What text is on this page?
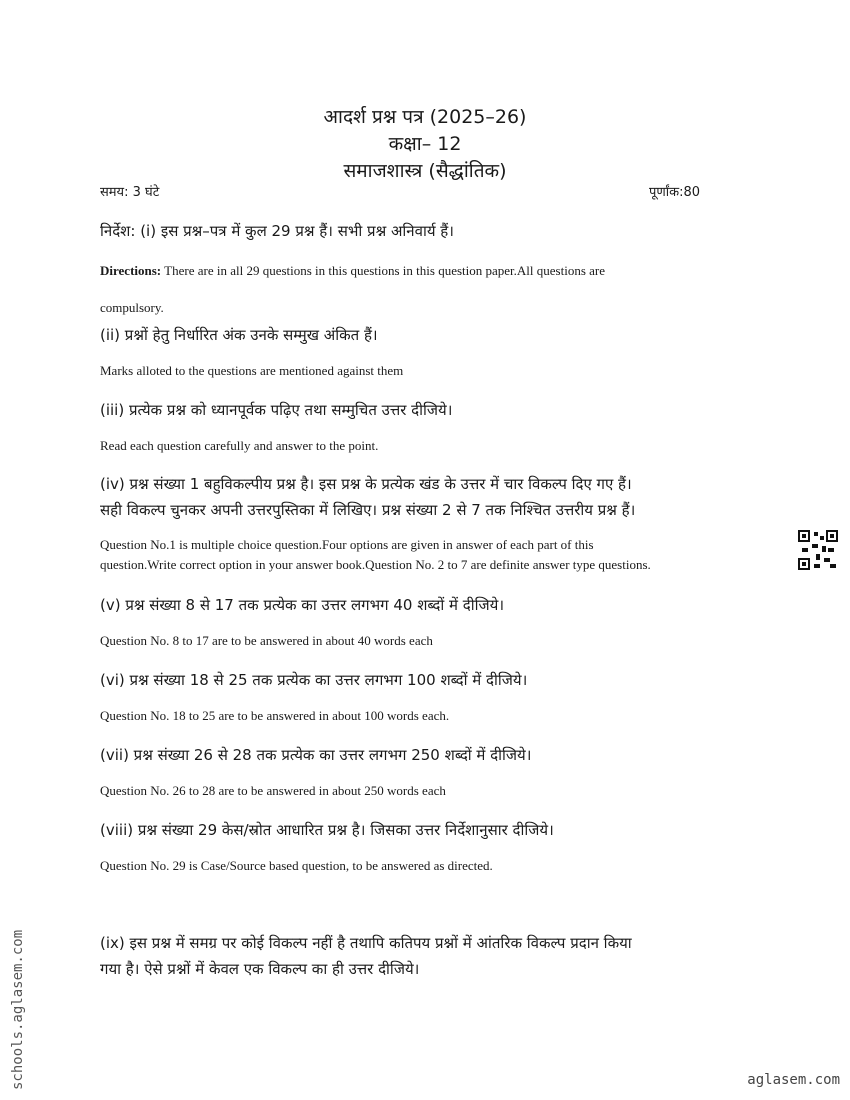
आदर्श प्रश्न पत्र (2025–26)
कक्षा– 12
समाजशास्त्र (सैद्धांतिक)
समय: 3 घंटे	पूर्णांक:80
निर्देश: (i) इस प्रश्न–पत्र में कुल 29 प्रश्न हैं। सभी प्रश्न अनिवार्य हैं।
Directions: There are in all 29 questions in this questions in this question paper.All questions are
compulsory.
(ii) प्रश्नों हेतु निर्धारित अंक उनके सम्मुख अंकित हैं।
Marks alloted to the questions are mentioned against them
(iii) प्रत्येक प्रश्न को ध्यानपूर्वक पढ़िए तथा सम्मुचित उत्तर दीजिये।
Read each question carefully and answer to the point.
(iv) प्रश्न संख्या 1 बहुविकल्पीय प्रश्न है। इस प्रश्न के प्रत्येक खंड के उत्तर में चार विकल्प दिए गए हैं।
सही विकल्प चुनकर अपनी उत्तरपुस्तिका में लिखिए। प्रश्न संख्या 2 से 7 तक निश्चित उत्तरीय प्रश्न हैं।
Question No.1 is multiple choice question.Four options are given in answer of each part of this
question.Write correct option in your answer book.Question No. 2 to 7 are definite answer type questions.
(v) प्रश्न संख्या 8 से 17 तक प्रत्येक का उत्तर लगभग 40 शब्दों में दीजिये।
Question No. 8 to 17 are to be answered in about 40 words each
(vi) प्रश्न संख्या 18 से 25 तक प्रत्येक का उत्तर लगभग 100 शब्दों में दीजिये।
Question No. 18 to 25 are to be answered in about 100 words each.
(vii) प्रश्न संख्या 26 से 28 तक प्रत्येक का उत्तर लगभग 250 शब्दों में दीजिये।
Question No. 26 to 28 are to be answered in about 250 words each
(viii) प्रश्न संख्या 29 केस/स्रोत आधारित प्रश्न है। जिसका उत्तर निर्देशानुसार दीजिये।
Question No. 29 is Case/Source based question, to be answered as directed.
(ix) इस प्रश्न में समग्र पर कोई विकल्प नहीं है तथापि कतिपय प्रश्नों में आंतरिक विकल्प प्रदान किया
गया है। ऐसे प्रश्नों में केवल एक विकल्प का ही उत्तर दीजिये।
schools.aglasem.com	aglasem.com
